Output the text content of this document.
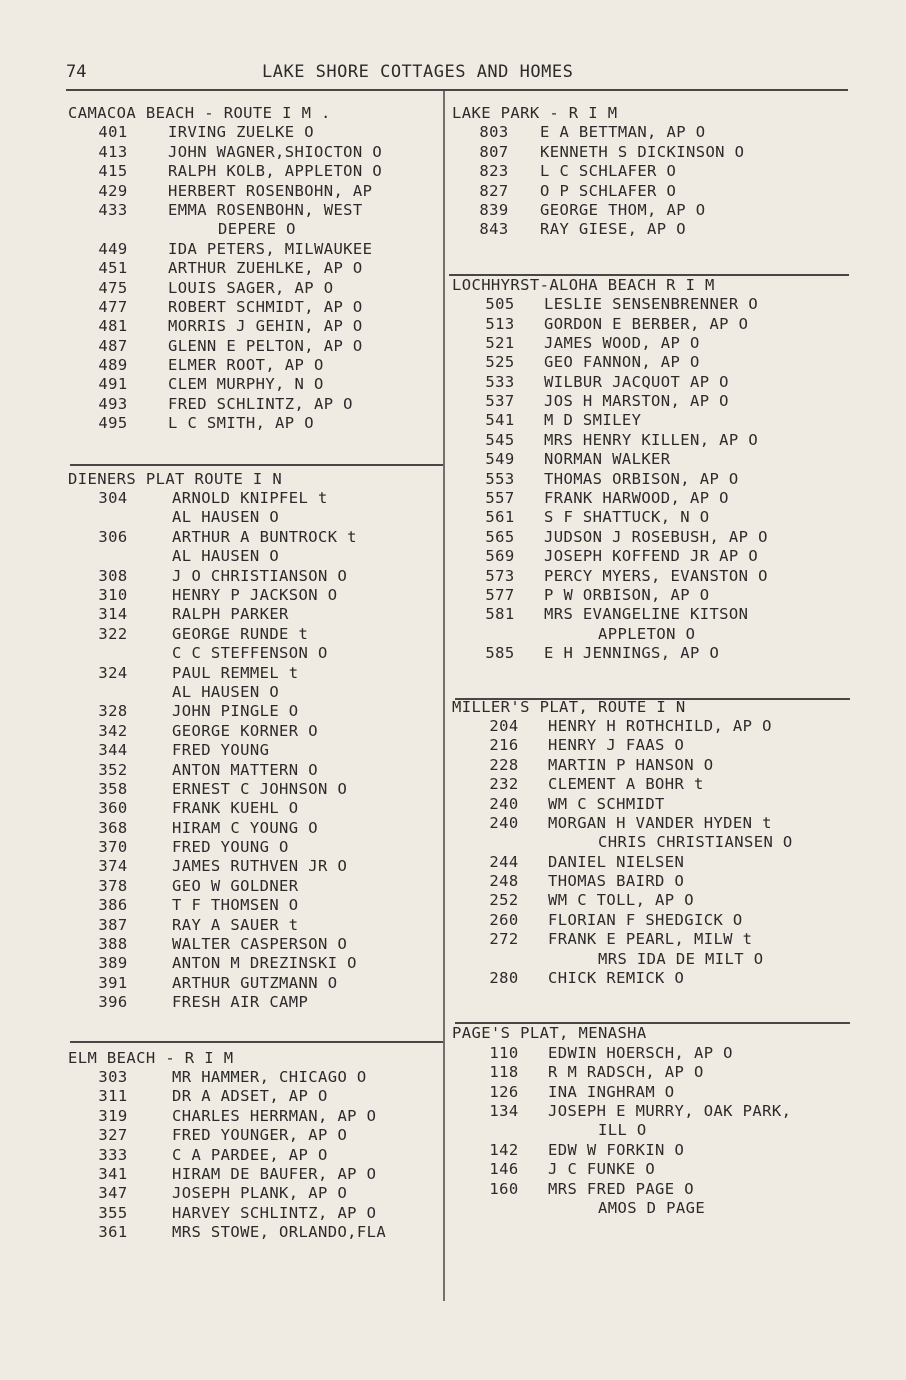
74	LAKE SHORE COTTAGES AND HOMES
CAMACOA BEACH - ROUTE I M .
401	IRVING ZUELKE O
413	JOHN WAGNER,SHIOCTON O
415	RALPH KOLB, APPLETON O
429	HERBERT ROSENBOHN, AP
433	EMMA ROSENBOHN, WEST
DEPERE O
449	IDA PETERS, MILWAUKEE
451	ARTHUR ZUEHLKE, AP O
475	LOUIS SAGER, AP O
477	ROBERT SCHMIDT, AP O
481	MORRIS J GEHIN, AP O
487	GLENN E PELTON, AP O
489	ELMER ROOT, AP O
491	CLEM MURPHY, N O
493	FRED SCHLINTZ, AP O
495	L C SMITH, AP O
DIENERS PLAT ROUTE I N
304	ARNOLD KNIPFEL t
AL HAUSEN O
306	ARTHUR A BUNTROCK t
AL HAUSEN O
308	J O CHRISTIANSON O
310	HENRY P JACKSON O
314	RALPH PARKER
322	GEORGE RUNDE t
C C STEFFENSON O
324	PAUL REMMEL t
AL HAUSEN O
328	JOHN PINGLE O
342	GEORGE KORNER O
344	FRED YOUNG
352	ANTON MATTERN O
358	ERNEST C JOHNSON O
360	FRANK KUEHL O
368	HIRAM C YOUNG O
370	FRED YOUNG O
374	JAMES RUTHVEN JR O
378	GEO W GOLDNER
386	T F THOMSEN O
387	RAY A SAUER t
388	WALTER CASPERSON O
389	ANTON M DREZINSKI O
391	ARTHUR GUTZMANN O
396	FRESH AIR CAMP
ELM BEACH - R I M
303	MR HAMMER, CHICAGO O
311	DR A ADSET, AP O
319	CHARLES HERRMAN, AP O
327	FRED YOUNGER, AP O
333	C A PARDEE, AP O
341	HIRAM DE BAUFER, AP O
347	JOSEPH PLANK, AP O
355	HARVEY SCHLINTZ, AP O
361	MRS STOWE, ORLANDO,FLA
LAKE PARK - R I M
803	E A BETTMAN, AP O
807	KENNETH S DICKINSON O
823	L C SCHLAFER O
827	O P SCHLAFER O
839	GEORGE THOM, AP O
843	RAY GIESE, AP O
LOCHHYRST-ALOHA BEACH R I M
505	LESLIE SENSENBRENNER O
513	GORDON E BERBER, AP O
521	JAMES WOOD, AP O
525	GEO FANNON, AP O
533	WILBUR JACQUOT AP O
537	JOS H MARSTON, AP O
541	M D SMILEY
545	MRS HENRY KILLEN, AP O
549	NORMAN WALKER
553	THOMAS ORBISON, AP O
557	FRANK HARWOOD, AP O
561	S F SHATTUCK, N O
565	JUDSON J ROSEBUSH, AP O
569	JOSEPH KOFFEND JR AP O
573	PERCY MYERS, EVANSTON O
577	P W ORBISON, AP O
581	MRS EVANGELINE KITSON
APPLETON O
585	E H JENNINGS, AP O
MILLER'S PLAT, ROUTE I N
204	HENRY H ROTHCHILD, AP O
216	HENRY J FAAS O
228	MARTIN P HANSON O
232	CLEMENT A BOHR t
240	WM C SCHMIDT
240	MORGAN H VANDER HYDEN t
CHRIS CHRISTIANSEN O
244	DANIEL NIELSEN
248	THOMAS BAIRD O
252	WM C TOLL, AP O
260	FLORIAN F SHEDGICK O
272	FRANK E PEARL, MILW t
MRS IDA DE MILT O
280	CHICK REMICK O
PAGE'S PLAT, MENASHA
110	EDWIN HOERSCH, AP O
118	R M RADSCH, AP O
126	INA INGHRAM O
134	JOSEPH E MURRY, OAK PARK,
ILL O
142	EDW W FORKIN O
146	J C FUNKE O
160	MRS FRED PAGE O
AMOS D PAGE
